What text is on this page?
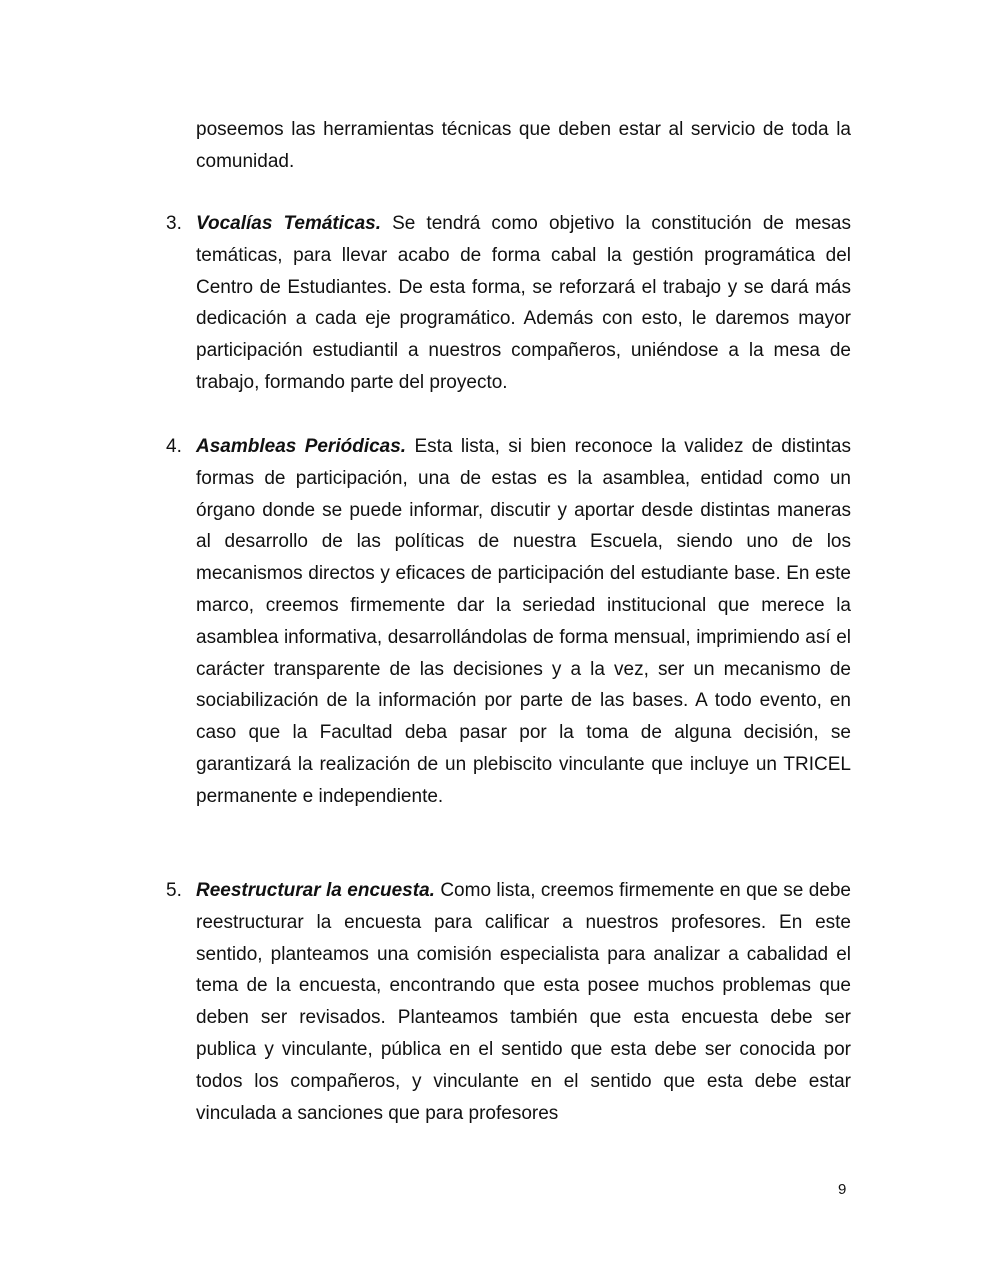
poseemos las herramientas técnicas que deben estar al servicio de toda la comunidad.

3. Vocalías Temáticas. Se tendrá como objetivo la constitución de mesas temáticas, para llevar acabo de forma cabal la gestión programática del Centro de Estudiantes. De esta forma, se reforzará el trabajo y se dará más dedicación a cada eje programático. Además con esto, le daremos mayor participación estudiantil a nuestros compañeros, uniéndose a la mesa de trabajo, formando parte del proyecto.

4. Asambleas Periódicas. Esta lista, si bien reconoce la validez de distintas formas de participación, una de estas es la asamblea, entidad como un órgano donde se puede informar, discutir y aportar desde distintas maneras al desarrollo de las políticas de nuestra Escuela, siendo uno de los mecanismos directos y eficaces de participación del estudiante base. En este marco, creemos firmemente dar la seriedad institucional que merece la asamblea informativa, desarrollándolas de forma mensual, imprimiendo así el carácter transparente de las decisiones y a la vez, ser un mecanismo de sociabilización de la información por parte de las bases. A todo evento, en caso que la Facultad deba pasar por la toma de alguna decisión, se garantizará la realización de un plebiscito vinculante que incluye un TRICEL permanente e independiente.

5. Reestructurar la encuesta. Como lista, creemos firmemente en que se debe reestructurar la encuesta para calificar a nuestros profesores. En este sentido, planteamos una comisión especialista para analizar a cabalidad el tema de la encuesta, encontrando que esta posee muchos problemas que deben ser revisados. Planteamos también que esta encuesta debe ser publica y vinculante, pública en el sentido que esta debe ser conocida por todos los compañeros, y vinculante en el sentido que esta debe estar vinculada a sanciones que para profesores

9
